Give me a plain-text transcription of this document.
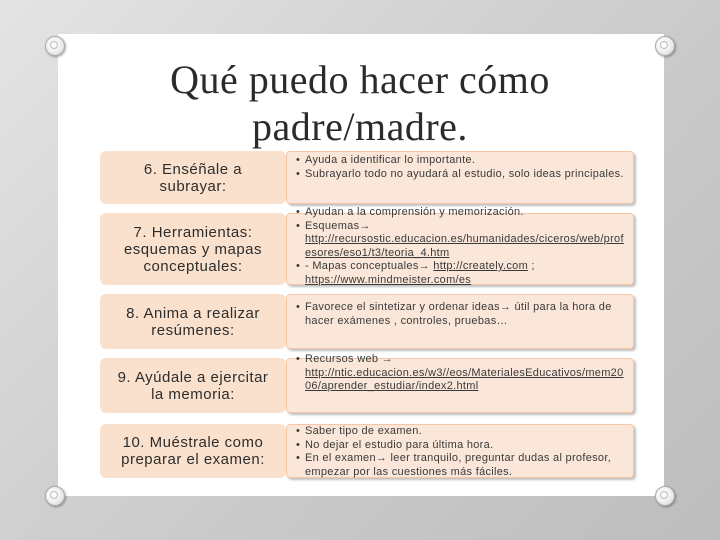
Qué puedo hacer cómo
padre/madre.
6. Enséñale a
subrayar:
• Ayuda a identificar lo importante.
• Subrayarlo todo no ayudará al estudio, solo ideas principales.
7. Herramientas:
esquemas y mapas
conceptuales:
• Ayudan a la comprensión y memorización.
• Esquemas→
http://recursostic.educacion.es/humanidades/ciceros/web/profesores/eso1/t3/teoria_4.htm
• - Mapas conceptuales→ http://creately.com ;
https://www.mindmeister.com/es
8. Anima a realizar
resúmenes:
• Favorece el sintetizar y ordenar ideas→ útil para la hora de hacer exámenes , controles, pruebas…
9. Ayúdale a ejercitar
la memoria:
• Recursos web →
http://ntic.educacion.es/w3//eos/MaterialesEducativos/mem2006/aprender_estudiar/index2.html
10. Muéstrale como
preparar el examen:
• Saber tipo de examen.
• No dejar el estudio para última hora.
• En el examen→ leer tranquilo, preguntar dudas al profesor, empezar por las cuestiones más fáciles.
